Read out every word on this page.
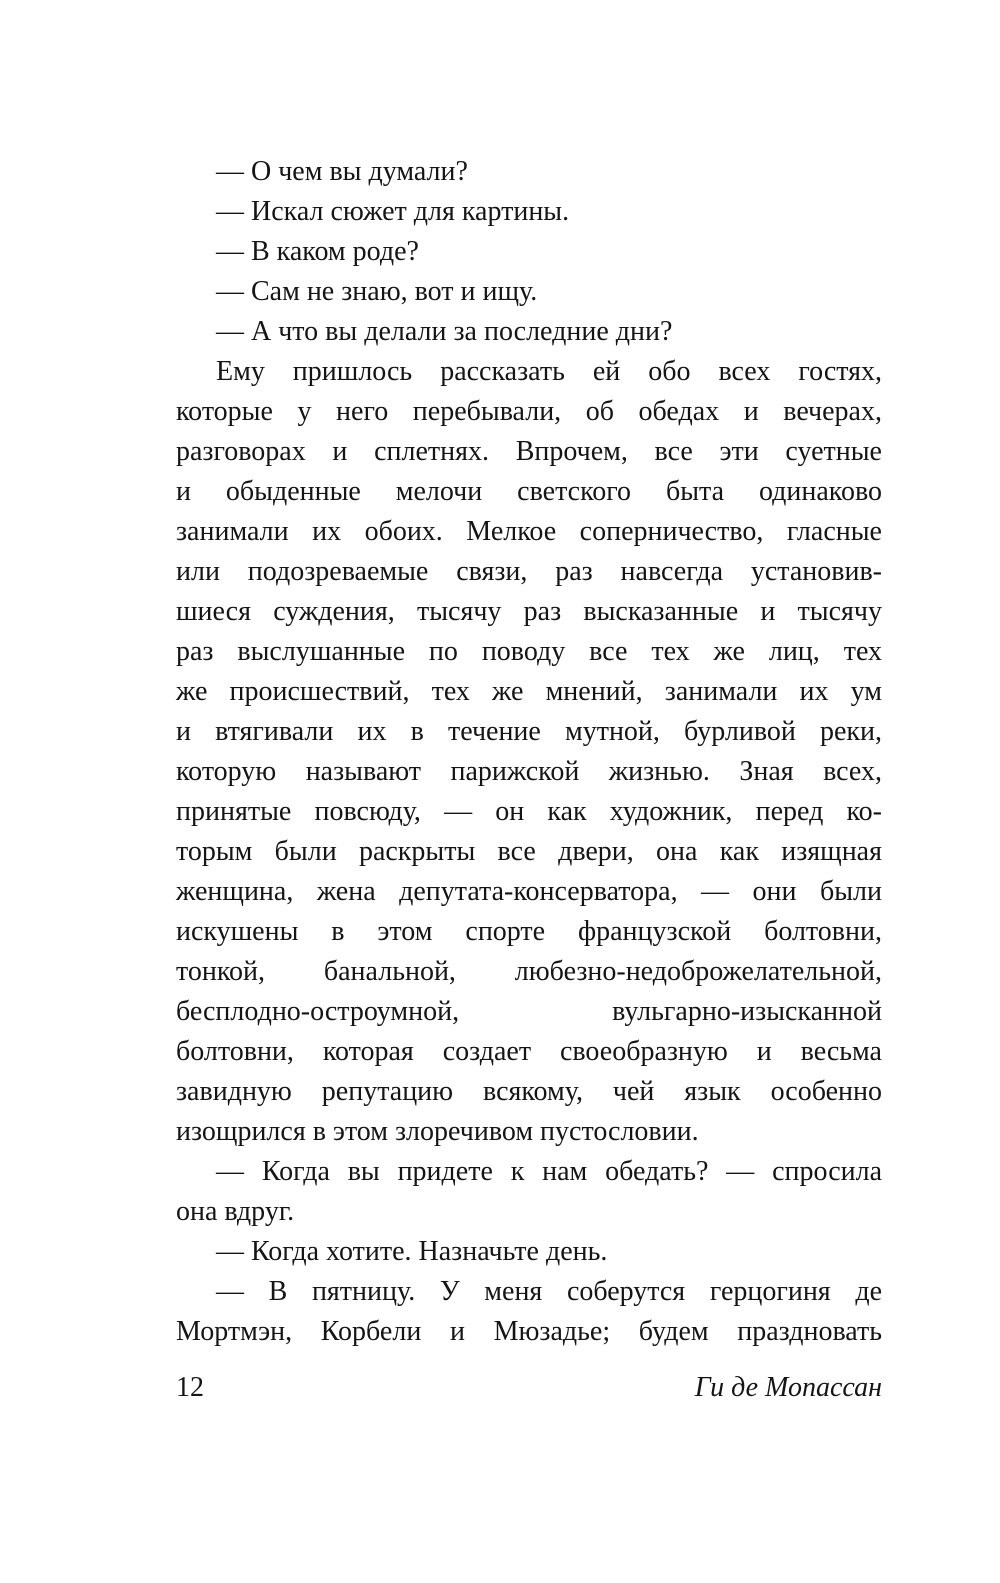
— О чем вы думали?
— Искал сюжет для картины.
— В каком роде?
— Сам не знаю, вот и ищу.
— А что вы делали за последние дни?
Ему пришлось рассказать ей обо всех гостях,
которые у него перебывали, об обедах и вечерах,
разговорах и сплетнях. Впрочем, все эти суетные
и обыденные мелочи светского быта одинаково
занимали их обоих. Мелкое соперничество, гласные
или подозреваемые связи, раз навсегда установив-
шиеся суждения, тысячу раз высказанные и тысячу
раз выслушанные по поводу все тех же лиц, тех
же происшествий, тех же мнений, занимали их ум
и втягивали их в течение мутной, бурливой реки,
которую называют парижской жизнью. Зная всех,
принятые повсюду, — он как художник, перед ко-
торым были раскрыты все двери, она как изящная
женщина, жена депутата-консерватора, — они были
искушены в этом спорте французской болтовни,
тонкой, банальной, любезно-недоброжелательной,
бесплодно-остроумной, вульгарно-изысканной
болтовни, которая создает своеобразную и весьма
завидную репутацию всякому, чей язык особенно
изощрился в этом злоречивом пустословии.
— Когда вы придете к нам обедать? — спросила
она вдруг.
— Когда хотите. Назначьте день.
— В пятницу. У меня соберутся герцогиня де
Мортмэн, Корбели и Мюзадье; будем праздновать
12	Ги де Мопассан
